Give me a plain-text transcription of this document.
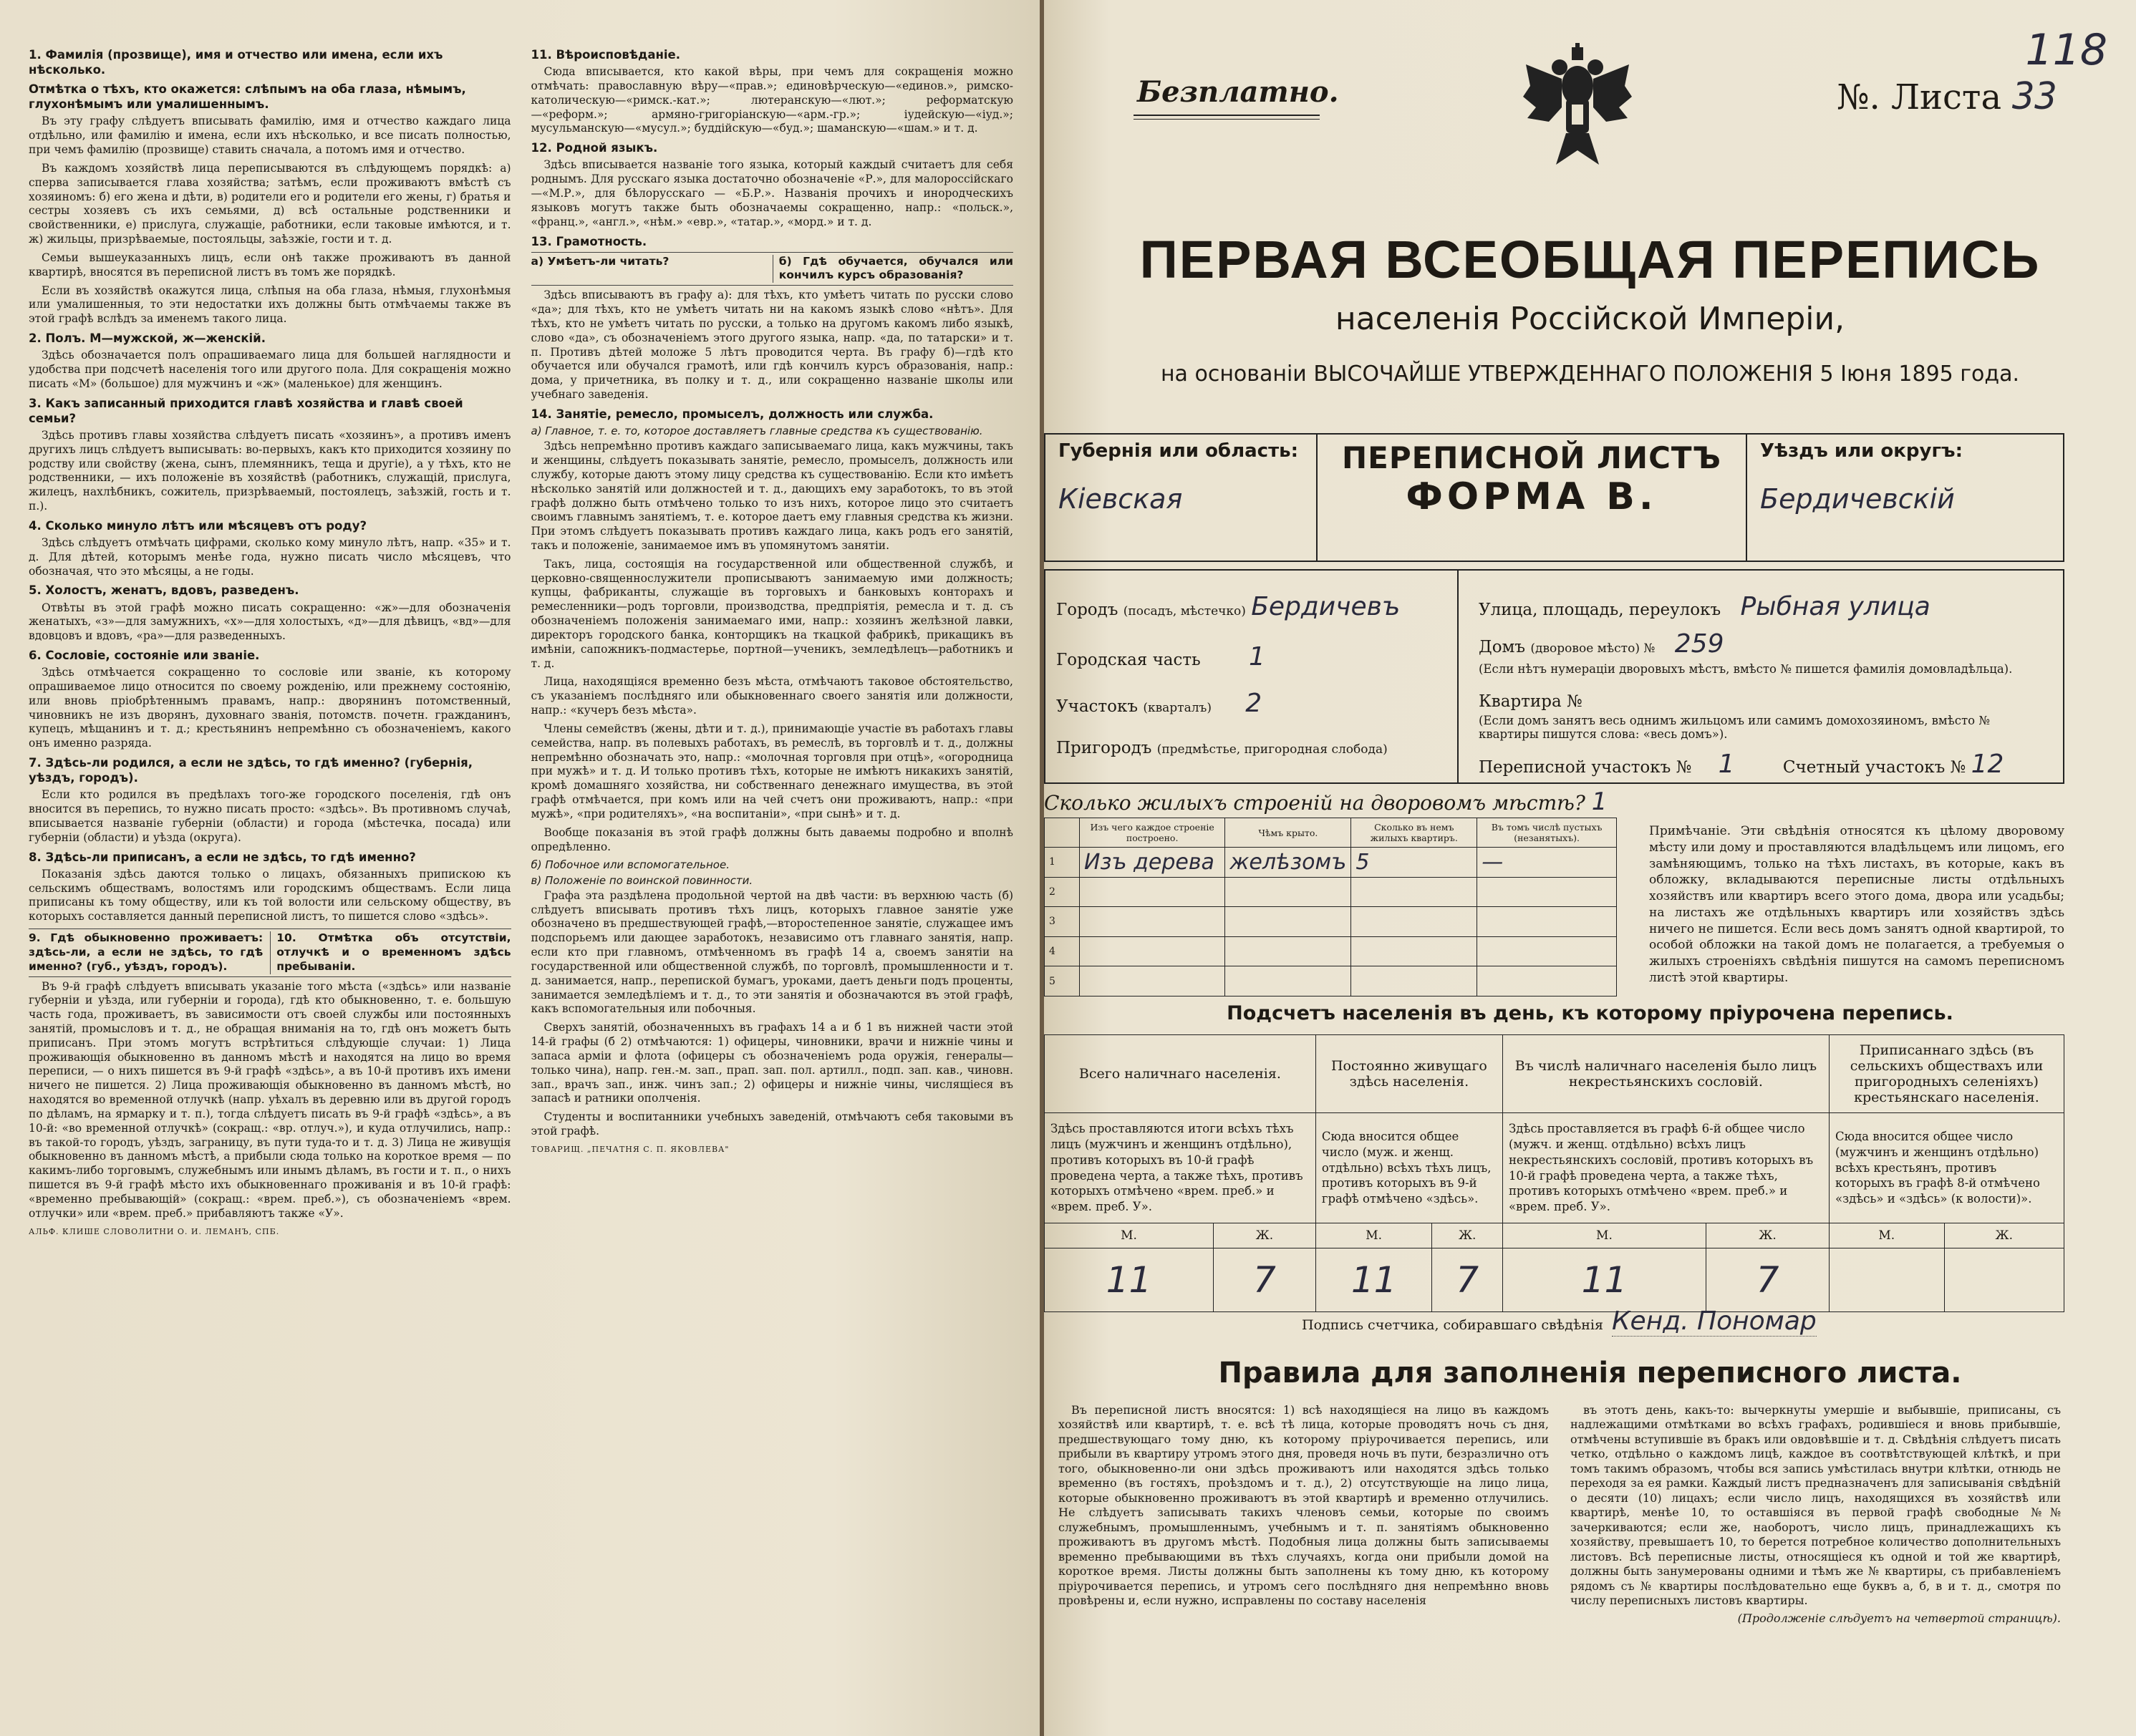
1. Фамилія (прозвище), имя и отчество или имена, если ихъ нѣсколько.
Отмѣтка о тѣхъ, кто окажется: слѣпымъ на оба глаза, нѣмымъ, глухонѣмымъ или умалишеннымъ.

Въ эту графу слѣдуетъ вписывать фамилію, имя и отчество каждаго лица отдѣльно, или фамилію и имена, если ихъ нѣсколько, и все писать полностью, при чемъ фамилію (прозвище) ставить сначала, а потомъ имя и отчество.

Въ каждомъ хозяйствѣ лица переписываются въ слѣдующемъ порядкѣ: а) сперва записывается глава хозяйства; затѣмъ, если проживаютъ вмѣстѣ съ хозяиномъ: б) его жена и дѣти, в) родители его и родители его жены, г) братья и сестры хозяевъ съ ихъ семьями, д) всѣ остальные родственники и свойственники, е) прислуга, служащіе, работники, если таковые имѣются, и т. ж) жильцы, призрѣваемые, постояльцы, заѣзжіе, гости и т. д.

Семьи вышеуказанныхъ лицъ, если онѣ также проживаютъ въ данной квартирѣ, вносятся въ переписной листъ въ томъ же порядкѣ.

Если въ хозяйствѣ окажутся лица, слѣпыя на оба глаза, нѣмыя, глухонѣмыя или умалишенныя, то эти недостатки ихъ должны быть отмѣчаемы также въ этой графѣ вслѣдъ за именемъ такого лица.

2. Полъ. М—мужской, ж—женскій.

Здѣсь обозначается полъ опрашиваемаго лица для большей наглядности и удобства при подсчетѣ населенія того или другого пола. Для сокращенія можно писать «М» (большое) для мужчинъ и «ж» (маленькое) для женщинъ.

3. Какъ записанный приходится главѣ хозяйства и главѣ своей семьи?

Здѣсь противъ главы хозяйства слѣдуетъ писать «хозяинъ», а противъ именъ другихъ лицъ слѣдуетъ выписывать: во-первыхъ, какъ кто приходится хозяину по родству или свойству (жена, сынъ, племянникъ, теща и другіе), а у тѣхъ, кто не родственники, — ихъ положеніе въ хозяйствѣ (работникъ, служащій, прислуга, жилецъ, нахлѣбникъ, сожитель, призрѣваемый, постоялецъ, заѣзжій, гость и т. п.).

4. Сколько минуло лѣтъ или мѣсяцевъ отъ роду?

Здѣсь слѣдуетъ отмѣчать цифрами, сколько кому минуло лѣтъ, напр. «35» и т. д. Для дѣтей, которымъ менѣе года, нужно писать число мѣсяцевъ, что обозначая, что это мѣсяцы, а не годы.

5. Холостъ, женатъ, вдовъ, разведенъ.

Отвѣты въ этой графѣ можно писать сокращенно: «ж»—для обозначенія женатыхъ, «з»—для замужнихъ, «х»—для холостыхъ, «д»—для дѣвицъ, «вд»—для вдовцовъ и вдовъ, «ра»—для разведенныхъ.

6. Сословіе, состояніе или званіе.

Здѣсь отмѣчается сокращенно то сословіе или званіе, къ которому опрашиваемое лицо относится по своему рожденію, или прежнему состоянію, или вновь пріобрѣтеннымъ правамъ, напр.: дворянинъ потомственный, чиновникъ не изъ дворянъ, духовнаго званія, потомств. почетн. гражданинъ, купецъ, мѣщанинъ и т. д.; крестьянинъ непремѣнно съ обозначеніемъ, какого онъ именно разряда.

7. Здѣсь-ли родился, а если не здѣсь, то гдѣ именно? (губернія, уѣздъ, городъ).

Если кто родился въ предѣлахъ того-же городского поселенія, гдѣ онъ вносится въ перепись, то нужно писать просто: «здѣсь». Въ противномъ случаѣ, вписывается названіе губерніи (области) и города (мѣстечка, посада) или губерніи (области) и уѣзда (округа).

8. Здѣсь-ли приписанъ, а если не здѣсь, то гдѣ именно?

Показанія здѣсь даются только о лицахъ, обязанныхъ припискою къ сельскимъ обществамъ, волостямъ или городскимъ обществамъ. Если лица приписаны къ тому обществу, или къ той волости или сельскому обществу, въ которыхъ составляется данный переписной листъ, то пишется слово «здѣсь».

9. Гдѣ обыкновенно проживаетъ: здѣсь-ли, а если не здѣсь, то гдѣ именно? (губ., уѣздъ, городъ).
10. Отмѣтка объ отсутствіи, отлучкѣ и о временномъ здѣсь пребываніи.

Въ 9-й графѣ слѣдуетъ вписывать указаніе того мѣста («здѣсь» или названіе губерніи и уѣзда, или губерніи и города), гдѣ кто обыкновенно, т. е. большую часть года, проживаетъ, въ зависимости отъ своей службы или постоянныхъ занятій, промысловъ и т. д., не обращая вниманія на то, гдѣ онъ можетъ быть приписанъ. При этомъ могутъ встрѣтиться слѣдующіе случаи: 1) Лица проживающія обыкновенно въ данномъ мѣстѣ и находятся на лицо во время переписи, — о нихъ пишется въ 9-й графѣ «здѣсь», а въ 10-й противъ ихъ имени ничего не пишется. 2) Лица проживающія обыкновенно въ данномъ мѣстѣ, но находятся во временной отлучкѣ (напр. уѣхалъ въ деревню или въ другой городъ по дѣламъ, на ярмарку и т. п.), тогда слѣдуетъ писать въ 9-й графѣ «здѣсь», а въ 10-й: «во временной отлучкѣ» (сокращ.: «вр. отлуч.»), и куда отлучились, напр.: въ такой-то городъ, уѣздъ, заграницу, въ пути туда-то и т. д. 3) Лица не живущія обыкновенно въ данномъ мѣстѣ, а прибыли сюда только на короткое время — по какимъ-либо торговымъ, служебнымъ или инымъ дѣламъ, въ гости и т. п., о нихъ пишется въ 9-й графѣ мѣсто ихъ обыкновеннаго проживанія и въ 10-й графѣ: «временно пребывающій» (сокращ.: «врем. преб.»), съ обозначеніемъ «врем. отлучки» или «врем. преб.» прибавляютъ также «У».

АЛЬФ. КЛИШЕ СЛОВОЛИТНИ О. И. ЛЕМАНЪ, СПБ.
11. Вѣроисповѣданіе.

Сюда вписывается, кто какой вѣры, при чемъ для сокращенія можно отмѣчать: православную вѣру—«прав.»; единовѣрческую—«единов.», римско-католическую—«римск.-кат.»; лютеранскую—«лют.»; реформатскую—«реформ.»; армяно-григоріанскую—«арм.-гр.»; іудейскую—«іуд.»; мусульманскую—«мусул.»; буддійскую—«буд.»; шаманскую—«шам.» и т. д.

12. Родной языкъ.

Здѣсь вписывается названіе того языка, который каждый считаетъ для себя роднымъ. Для русскаго языка достаточно обозначеніе «Р.», для малороссійскаго—«М.Р.», для бѣлорусскаго — «Б.Р.». Названія прочихъ и инородческихъ языковъ могутъ также быть обозначаемы сокращенно, напр.: «польск.», «франц.», «англ.», «нѣм.» «евр.», «татар.», «морд.» и т. д.

13. Грамотность.
а) Умѣетъ-ли читать?	б) Гдѣ обучается, обучался или кончилъ курсъ образованія?

Здѣсь вписываютъ въ графу а): для тѣхъ, кто умѣетъ читать по русски слово «да»; для тѣхъ, кто не умѣетъ читать ни на какомъ языкѣ слово «нѣтъ». Для тѣхъ, кто не умѣетъ читать по русски, а только на другомъ какомъ либо языкѣ, слово «да», съ обозначеніемъ этого другого языка, напр. «да, по татарски» и т. п. Противъ дѣтей моложе 5 лѣтъ проводится черта. Въ графу б)—гдѣ кто обучается или обучался грамотѣ, или гдѣ кончилъ курсъ образованія, напр.: дома, у причетника, въ полку и т. д., или сокращенно названіе школы или учебнаго заведенія.

14. Занятіе, ремесло, промыселъ, должность или служба.
а) Главное, т. е. то, которое доставляетъ главные средства къ существованію.

Здѣсь непремѣнно противъ каждаго записываемаго лица, какъ мужчины, такъ и женщины, слѣдуетъ показывать занятіе, ремесло, промыселъ, должность или службу, которые даютъ этому лицу средства къ существованію. Если кто имѣетъ нѣсколько занятій или должностей и т. д., дающихъ ему заработокъ, то въ этой графѣ должно быть отмѣчено только то изъ нихъ, которое лицо это считаетъ своимъ главнымъ занятіемъ, т. е. которое даетъ ему главныя средства къ жизни. При этомъ слѣдуетъ показывать противъ каждаго лица, какъ родъ его занятій, такъ и положеніе, занимаемое имъ въ упомянутомъ занятіи.

Такъ, лица, состоящія на государственной или общественной службѣ, и церковно-священнослужители прописываютъ занимаемую ими должность; купцы, фабриканты, служащіе въ торговыхъ и банковыхъ конторахъ и ремесленники—родъ торговли, производства, предпріятія, ремесла и т. д. съ обозначеніемъ положенія занимаемаго ими, напр.: хозяинъ желѣзной лавки, директоръ городского банка, конторщикъ на ткацкой фабрикѣ, прикащикъ въ имѣніи, сапожникъ-подмастерье, портной—ученикъ, земледѣлецъ—работникъ и т. д.

Лица, находящіяся временно безъ мѣста, отмѣчаютъ таковое обстоятельство, съ указаніемъ послѣдняго или обыкновеннаго своего занятія или должности, напр.: «кучеръ безъ мѣста».

Члены семействъ (жены, дѣти и т. д.), принимающіе участіе въ работахъ главы семейства, напр. въ полевыхъ работахъ, въ ремеслѣ, въ торговлѣ и т. д., должны непремѣнно обозначать это, напр.: «молочная торговля при отцѣ», «огородница при мужѣ» и т. д. И только противъ тѣхъ, которые не имѣютъ никакихъ занятій, кромѣ домашняго хозяйства, ни собственнаго денежнаго имущества, въ этой графѣ отмѣчается, при комъ или на чей счетъ они проживаютъ, напр.: «при мужѣ», «при родителяхъ», «на воспитаніи», «при сынѣ» и т. д.

Вообще показанія въ этой графѣ должны быть даваемы подробно и вполнѣ опредѣленно.

б) Побочное или вспомогательное.
в) Положеніе по воинской повинности.

Графа эта раздѣлена продольной чертой на двѣ части: въ верхнюю часть (б) слѣдуетъ вписывать противъ тѣхъ лицъ, которыхъ главное занятіе уже обозначено въ предшествующей графѣ,—второстепенное занятіе, служащее имъ подспорьемъ или дающее заработокъ, независимо отъ главнаго занятія, напр. если кто при главномъ, отмѣченномъ въ графѣ 14 а, своемъ занятіи на государственной или общественной службѣ, по торговлѣ, промышленности и т. д. занимается, напр., перепиской бумагъ, уроками, даетъ деньги подъ проценты, занимается земледѣліемъ и т. д., то эти занятія и обозначаются въ этой графѣ, какъ вспомогательныя или побочныя.

Сверхъ занятій, обозначенныхъ въ графахъ 14 а и б 1 въ нижней части этой 14-й графы (б 2) отмѣчаются: 1) офицеры, чиновники, врачи и нижніе чины и запаса арміи и флота (офицеры съ обозначеніемъ рода оружія, генералы—только чина), напр. ген.-м. зап., прап. зап. пол. артилл., подп. зап. кав., чиновн. зап., врачъ зап., инж. чинъ зап.; 2) офицеры и нижніе чины, числящіеся въ запасѣ и ратники ополченія.

Студенты и воспитанники учебныхъ заведеній, отмѣчаютъ себя таковыми въ этой графѣ.

ТОВАРИЩ. „ПЕЧАТНЯ С. П. ЯКОВЛЕВА"
Безплатно.	№. Листа 33
118
ПЕРВАЯ ВСЕОБЩАЯ ПЕРЕПИСЬ
населенія Россійской Имперіи,
на основаніи ВЫСОЧАЙШЕ УТВЕРЖДЕННАГО ПОЛОЖЕНІЯ 5 Іюня 1895 года.
Губернія или область:
Кіевская
ПЕРЕПИСНОЙ ЛИСТЪ
ФОРМА В.
Уѣздъ или округъ:
Бердичевскій
Городъ (посадъ, мѣстечко) Бердичевъ
Городская часть 1
Участокъ (кварталъ) 2
Пригородъ (предмѣстье, пригородная слобода)
Улица, площадь, переулокъ Рыбная улица
Домъ (дворовое мѣсто) № 259
(Если нѣтъ нумераціи дворовыхъ мѣстъ, вмѣсто № пишется фамилія домовладѣльца).
Квартира №
(Если домъ занятъ весь однимъ жильцомъ или самимъ домохозяиномъ, вмѣсто № квартиры пишутся слова: «весь домъ»).
Переписной участокъ № 1	Счетный участокъ № 12
Сколько жилыхъ строеній на дворовомъ мѣстѣ? 1
	Изъ чего каждое строеніе построено.	Чѣмъ крыто.	Сколько въ немъ жилыхъ квартиръ.	Въ томъ числѣ пустыхъ (незанятыхъ).
1	Изъ дерева	желѣзомъ	5	—
2				
3				
4				
5				
Примѣчаніе. Эти свѣдѣнія относятся къ цѣлому дворовому мѣсту или дому и проставляются владѣльцемъ или лицомъ, его замѣняющимъ, только на тѣхъ листахъ, въ которые, какъ въ обложку, вкладываются переписные листы отдѣльныхъ хозяйствъ или квартиръ всего этого дома, двора или усадьбы; на листахъ же отдѣльныхъ квартиръ или хозяйствъ здѣсь ничего не пишется. Если весь домъ занятъ одной квартирой, то особой обложки на такой домъ не полагается, а требуемыя о жилыхъ строеніяхъ свѣдѣнія пишутся на самомъ переписномъ листѣ этой квартиры.
Подсчетъ населенія въ день, къ которому пріурочена перепись.
Всего наличнаго населенія.		Постоянно живущаго здѣсь населенія.		Въ числѣ наличнаго населенія было лицъ некрестьянскихъ сословій.		Приписаннаго здѣсь (въ сельскихъ обществахъ или пригородныхъ селеніяхъ) крестьянскаго населенія.	
Здѣсь проставляются итоги всѣхъ тѣхъ лицъ (мужчинъ и женщинъ отдѣльно), противъ которыхъ въ 10-й графѣ проведена черта, а также тѣхъ, противъ которыхъ отмѣчено «врем. преб.» и «врем. преб. У».		Сюда вносится общее число (муж. и женщ. отдѣльно) всѣхъ тѣхъ лицъ, противъ которыхъ въ 9-й графѣ отмѣчено «здѣсь».		Здѣсь проставляется въ графѣ 6-й общее число (мужч. и женщ. отдѣльно) всѣхъ лицъ некрестьянскихъ сословій, противъ которыхъ въ 10-й графѣ проведена черта, а также тѣхъ, противъ которыхъ отмѣчено «врем. преб.» и «врем. преб. У».		Сюда вносится общее число (мужчинъ и женщинъ отдѣльно) всѣхъ крестьянъ, противъ которыхъ въ графѣ 8-й отмѣчено «здѣсь» и «здѣсь» (к волости)».	
М.	Ж.	М.	Ж.	М.	Ж.	М.	Ж.
11	7	11	7	11	7		
Подпись счетчика, собиравшаго свѣдѣнія Кенд. Пономар
Правила для заполненія переписного листа.

Въ переписной листъ вносятся: 1) всѣ находящіеся на лицо въ каждомъ хозяйствѣ или квартирѣ, т. е. всѣ тѣ лица, которые проводятъ ночь съ дня, предшествующаго тому дню, къ которому пріурочивается перепись, или прибыли въ квартиру утромъ этого дня, проведя ночь въ пути, безразлично отъ того, обыкновенно-ли они здѣсь проживаютъ или находятся здѣсь только временно (въ гостяхъ, проѣздомъ и т. д.), 2) отсутствующіе на лицо лица, которые обыкновенно проживаютъ въ этой квартирѣ и временно отлучились. Не слѣдуетъ записывать такихъ членовъ семьи, которые по своимъ служебнымъ, промышленнымъ, учебнымъ и т. п. занятіямъ обыкновенно проживаютъ въ другомъ мѣстѣ. Подобныя лица должны быть записываемы временно пребывающими въ тѣхъ случаяхъ, когда они прибыли домой на короткое время. Листы должны быть заполнены къ тому дню, къ которому пріурочивается перепись, и утромъ сего послѣдняго дня непремѣнно вновь провѣрены и, если нужно, исправлены по составу населенія

въ этотъ день, какъ-то: вычеркнуты умершіе и выбывшіе, приписаны, съ надлежащими отмѣтками во всѣхъ графахъ, родившіеся и вновь прибывшіе, отмѣчены вступившіе въ бракъ или овдовѣвшіе и т. д. Свѣдѣнія слѣдуетъ писать четко, отдѣльно о каждомъ лицѣ, каждое въ соотвѣтствующей клѣткѣ, и при томъ такимъ образомъ, чтобы вся запись умѣстилась внутри клѣтки, отнюдь не переходя за ея рамки. Каждый листъ предназначенъ для записыванія свѣдѣній о десяти (10) лицахъ; если число лицъ, находящихся въ хозяйствѣ или квартирѣ, менѣе 10, то оставшіяся въ первой графѣ свободные №№ зачеркиваются; если же, наоборотъ, число лицъ, принадлежащихъ къ хозяйству, превышаетъ 10, то берется потребное количество дополнительныхъ листовъ. Всѣ переписные листы, относящіеся къ одной и той же квартирѣ, должны быть занумерованы одними и тѣмъ же № квартиры, съ прибавленіемъ рядомъ съ № квартиры послѣдовательно еще буквъ а, б, в и т. д., смотря по числу переписныхъ листовъ квартиры.

(Продолженіе слѣдуетъ на четвертой страницѣ).
